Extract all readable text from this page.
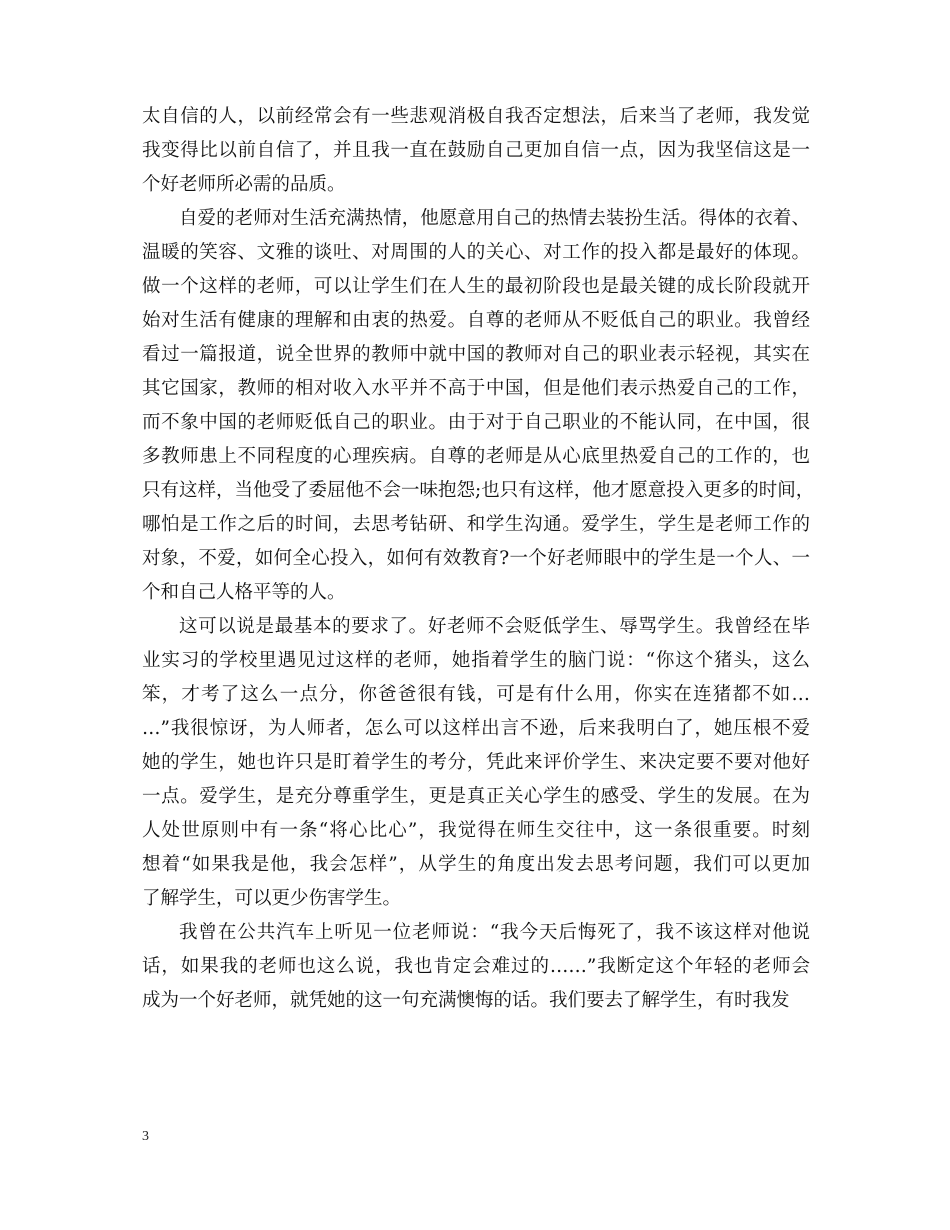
太自信的人，以前经常会有一些悲观消极自我否定想法，后来当了老师，我发觉
我变得比以前自信了，并且我一直在鼓励自己更加自信一点，因为我坚信这是一
个好老师所必需的品质。
自爱的老师对生活充满热情，他愿意用自己的热情去装扮生活。得体的衣着、
温暖的笑容、文雅的谈吐、对周围的人的关心、对工作的投入都是最好的体现。
做一个这样的老师，可以让学生们在人生的最初阶段也是最关键的成长阶段就开
始对生活有健康的理解和由衷的热爱。自尊的老师从不贬低自己的职业。我曾经
看过一篇报道，说全世界的教师中就中国的教师对自己的职业表示轻视，其实在
其它国家，教师的相对收入水平并不高于中国，但是他们表示热爱自己的工作，
而不象中国的老师贬低自己的职业。由于对于自己职业的不能认同，在中国，很
多教师患上不同程度的心理疾病。自尊的老师是从心底里热爱自己的工作的，也
只有这样，当他受了委屈他不会一味抱怨;也只有这样，他才愿意投入更多的时间，
哪怕是工作之后的时间，去思考钻研、和学生沟通。爱学生，学生是老师工作的
对象，不爱，如何全心投入，如何有效教育?一个好老师眼中的学生是一个人、一
个和自己人格平等的人。
这可以说是最基本的要求了。好老师不会贬低学生、辱骂学生。我曾经在毕
业实习的学校里遇见过这样的老师，她指着学生的脑门说：“你这个猪头，这么
笨，才考了这么一点分，你爸爸很有钱，可是有什么用，你实在连猪都不如…
…”我很惊讶，为人师者，怎么可以这样出言不逊，后来我明白了，她压根不爱
她的学生，她也许只是盯着学生的考分，凭此来评价学生、来决定要不要对他好
一点。爱学生，是充分尊重学生，更是真正关心学生的感受、学生的发展。在为
人处世原则中有一条“将心比心”，我觉得在师生交往中，这一条很重要。时刻
想着“如果我是他，我会怎样”，从学生的角度出发去思考问题，我们可以更加
了解学生，可以更少伤害学生。
我曾在公共汽车上听见一位老师说：“我今天后悔死了，我不该这样对他说
话，如果我的老师也这么说，我也肯定会难过的……”我断定这个年轻的老师会
成为一个好老师，就凭她的这一句充满懊悔的话。我们要去了解学生，有时我发
3
